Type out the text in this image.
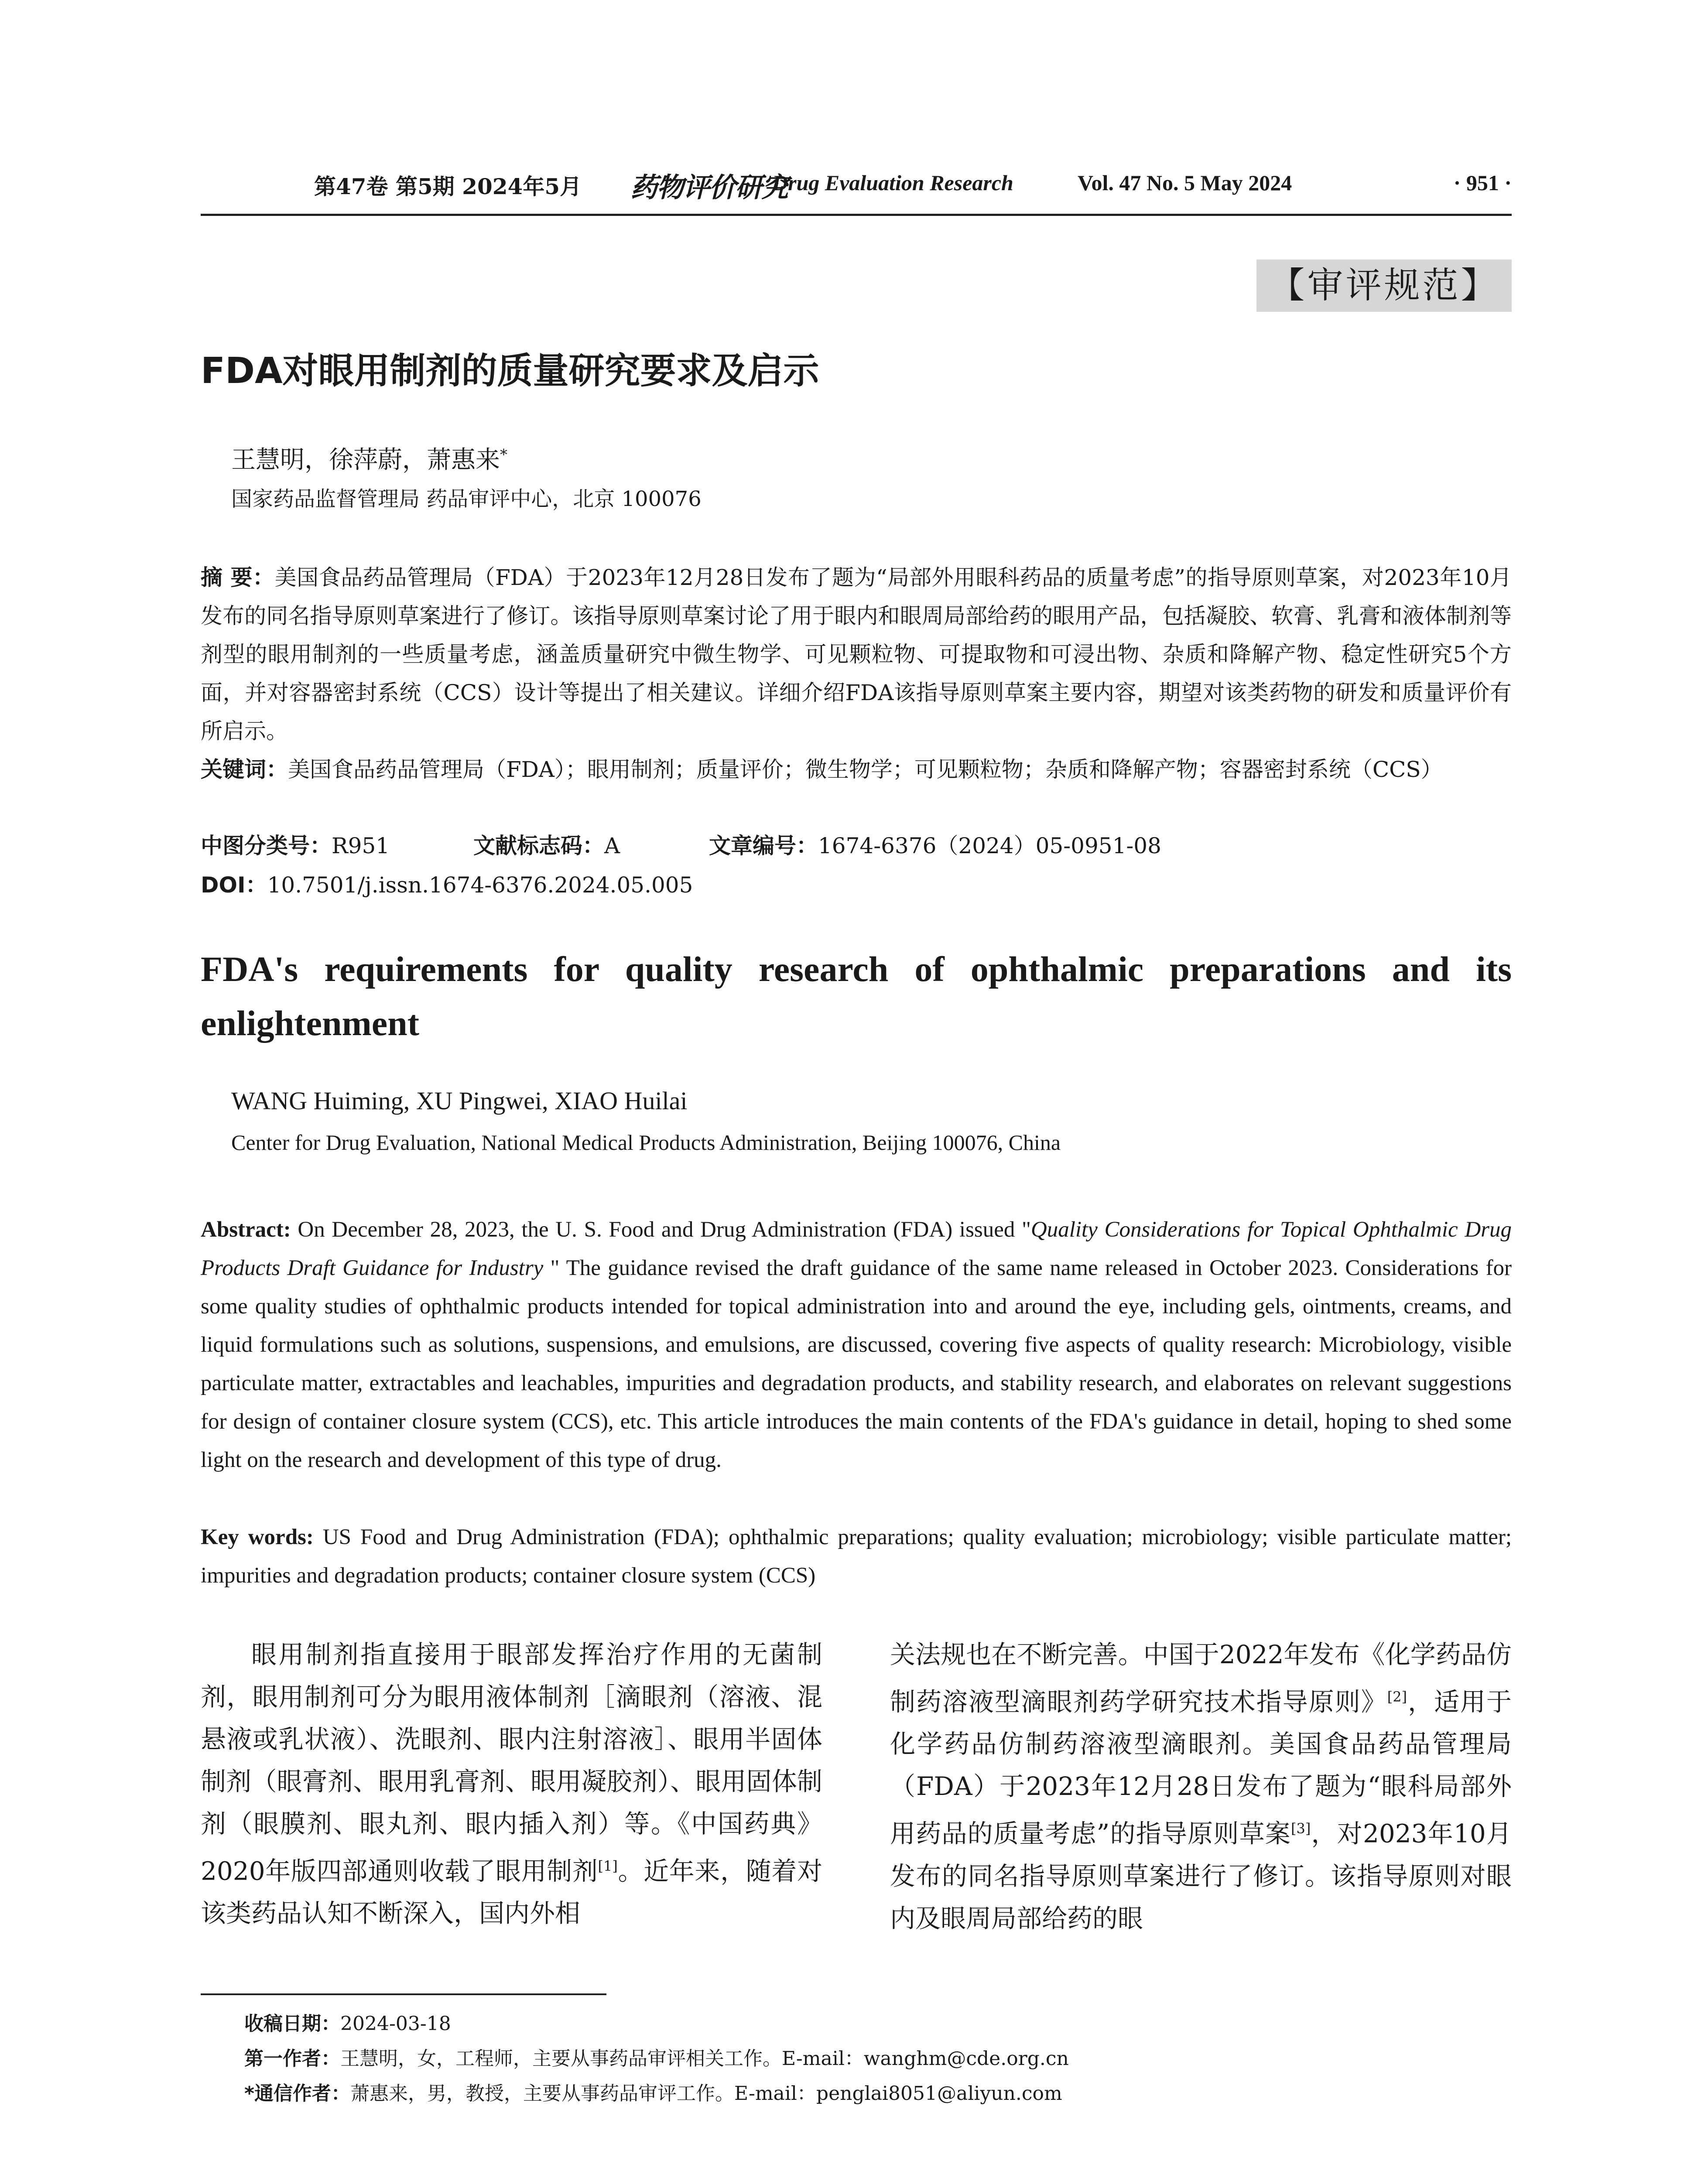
第47卷 第5期 2024年5月 药物评价研究
Drug Evaluation Research	Vol. 47 No. 5 May 2024	· 951 ·
【审评规范】
FDA对眼用制剂的质量研究要求及启示
王慧明，徐萍蔚，萧惠来*
国家药品监督管理局 药品审评中心，北京 100076
摘 要：美国食品药品管理局（FDA）于2023年12月28日发布了题为“局部外用眼科药品的质量考虑”的指导原则草案，对2023年10月发布的同名指导原则草案进行了修订。该指导原则草案讨论了用于眼内和眼周局部给药的眼用产品，包括凝胶、软膏、乳膏和液体制剂等剂型的眼用制剂的一些质量考虑，涵盖质量研究中微生物学、可见颗粒物、可提取物和可浸出物、杂质和降解产物、稳定性研究5个方面，并对容器密封系统（CCS）设计等提出了相关建议。详细介绍FDA该指导原则草案主要内容，期望对该类药物的研发和质量评价有所启示。
关键词：美国食品药品管理局（FDA）；眼用制剂；质量评价；微生物学；可见颗粒物；杂质和降解产物；容器密封系统（CCS）
中图分类号：R951	文献标志码：A	文章编号：1674-6376（2024）05-0951-08
DOI：10.7501/j.issn.1674-6376.2024.05.005
FDA's requirements for quality research of ophthalmic preparations and its enlightenment
WANG Huiming, XU Pingwei, XIAO Huilai
Center for Drug Evaluation, National Medical Products Administration, Beijing 100076, China
Abstract: On December 28, 2023, the U. S. Food and Drug Administration (FDA) issued "Quality Considerations for Topical Ophthalmic Drug Products Draft Guidance for Industry " The guidance revised the draft guidance of the same name released in October 2023. Considerations for some quality studies of ophthalmic products intended for topical administration into and around the eye, including gels, ointments, creams, and liquid formulations such as solutions, suspensions, and emulsions, are discussed, covering five aspects of quality research: Microbiology, visible particulate matter, extractables and leachables, impurities and degradation products, and stability research, and elaborates on relevant suggestions for design of container closure system (CCS), etc. This article introduces the main contents of the FDA's guidance in detail, hoping to shed some light on the research and development of this type of drug.
Key words: US Food and Drug Administration (FDA); ophthalmic preparations; quality evaluation; microbiology; visible particulate matter; impurities and degradation products; container closure system (CCS)

眼用制剂指直接用于眼部发挥治疗作用的无菌制剂，眼用制剂可分为眼用液体制剂［滴眼剂（溶液、混悬液或乳状液）、洗眼剂、眼内注射溶液］、眼用半固体制剂（眼膏剂、眼用乳膏剂、眼用凝胶剂）、眼用固体制剂（眼膜剂、眼丸剂、眼内插入剂）等。《中国药典》2020年版四部通则收载了眼用制剂[1]。近年来，随着对该类药品认知不断深入，国内外相

关法规也在不断完善。中国于2022年发布《化学药品仿制药溶液型滴眼剂药学研究技术指导原则》[2]，适用于化学药品仿制药溶液型滴眼剂。美国食品药品管理局（FDA）于2023年12月28日发布了题为“眼科局部外用药品的质量考虑”的指导原则草案[3]，对2023年10月发布的同名指导原则草案进行了修订。该指导原则对眼内及眼周局部给药的眼

收稿日期：2024-03-18
第一作者：王慧明，女，工程师，主要从事药品审评相关工作。E-mail：wanghm@cde.org.cn
*通信作者：萧惠来，男，教授，主要从事药品审评工作。E-mail：penglai8051@aliyun.com
